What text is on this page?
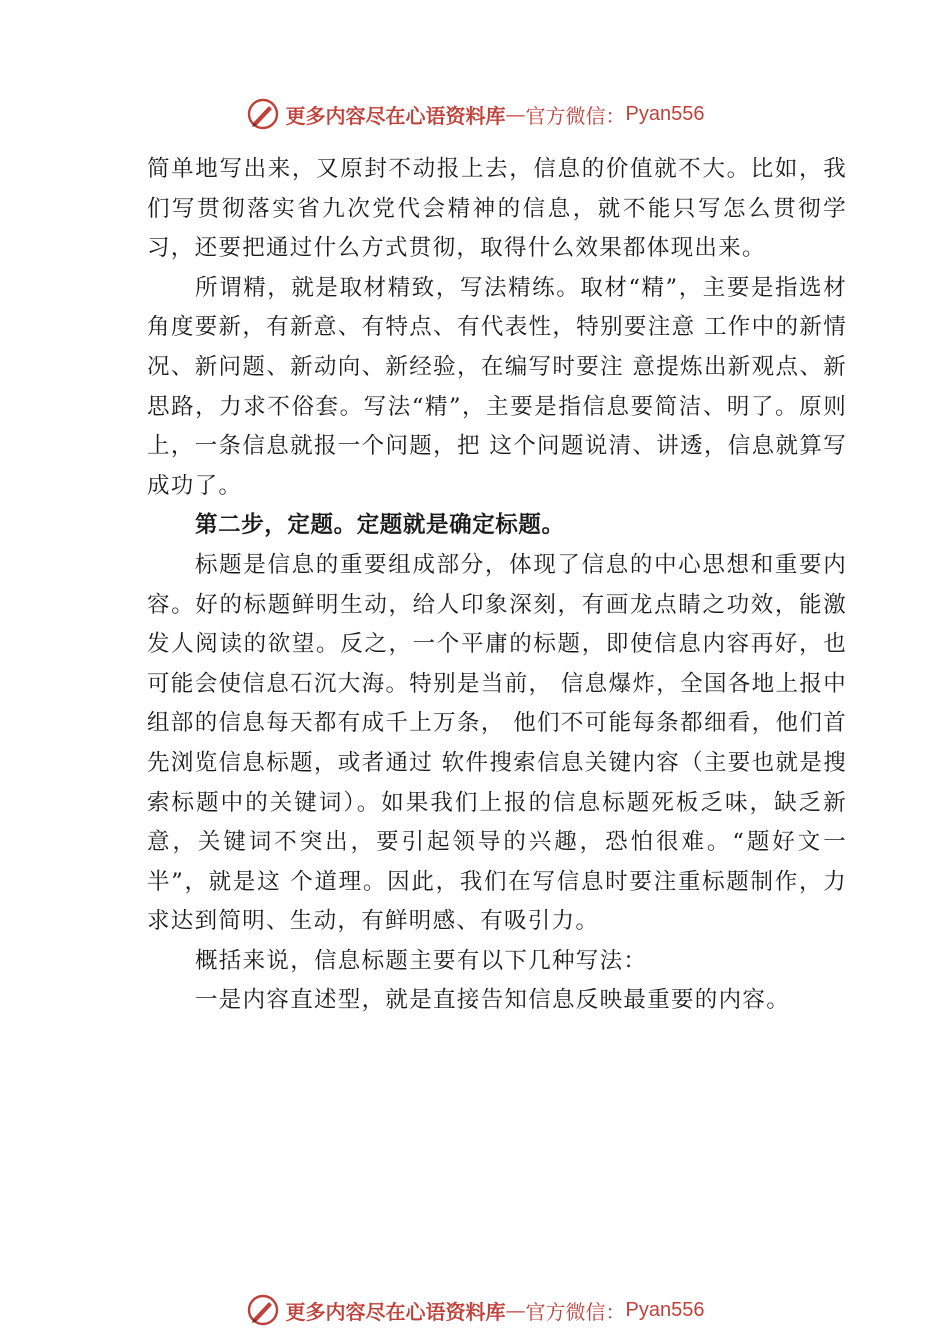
更多内容尽在心语资料库 — 官方微信： Pyan556

简单地写出来，又原封不动报上去，信息的价值就不大。比如，我们写贯彻落实省九次党代会精神的信息，就不能只写怎么贯彻学习，还要把通过什么方式贯彻，取得什么效果都体现出来。

所谓精，就是取材精致，写法精练。取材“精”，主要是指选材角度要新，有新意、有特点、有代表性，特别要注意 工作中的新情况、新问题、新动向、新经验，在编写时要注 意提炼出新观点、新思路，力求不俗套。写法“精”，主要是指信息要简洁、明了。原则上，一条信息就报一个问题，把 这个问题说清、讲透，信息就算写成功了。

第二步，定题。定题就是确定标题。

标题是信息的重要组成部分，体现了信息的中心思想和重要内容。好的标题鲜明生动，给人印象深刻，有画龙点睛之功效，能激发人阅读的欲望。反之，一个平庸的标题，即使信息内容再好，也可能会使信息石沉大海。特别是当前， 信息爆炸，全国各地上报中组部的信息每天都有成千上万条， 他们不可能每条都细看，他们首先浏览信息标题，或者通过 软件搜索信息关键内容（主要也就是搜索标题中的关键词）。如果我们上报的信息标题死板乏味，缺乏新意，关键词不突出，要引起领导的兴趣，恐怕很难。“题好文一半”，就是这 个道理。因此，我们在写信息时要注重标题制作，力求达到简明、生动，有鲜明感、有吸引力。

概括来说，信息标题主要有以下几种写法：

一是内容直述型，就是直接告知信息反映最重要的内容。

更多内容尽在心语资料库 — 官方微信： Pyan556
